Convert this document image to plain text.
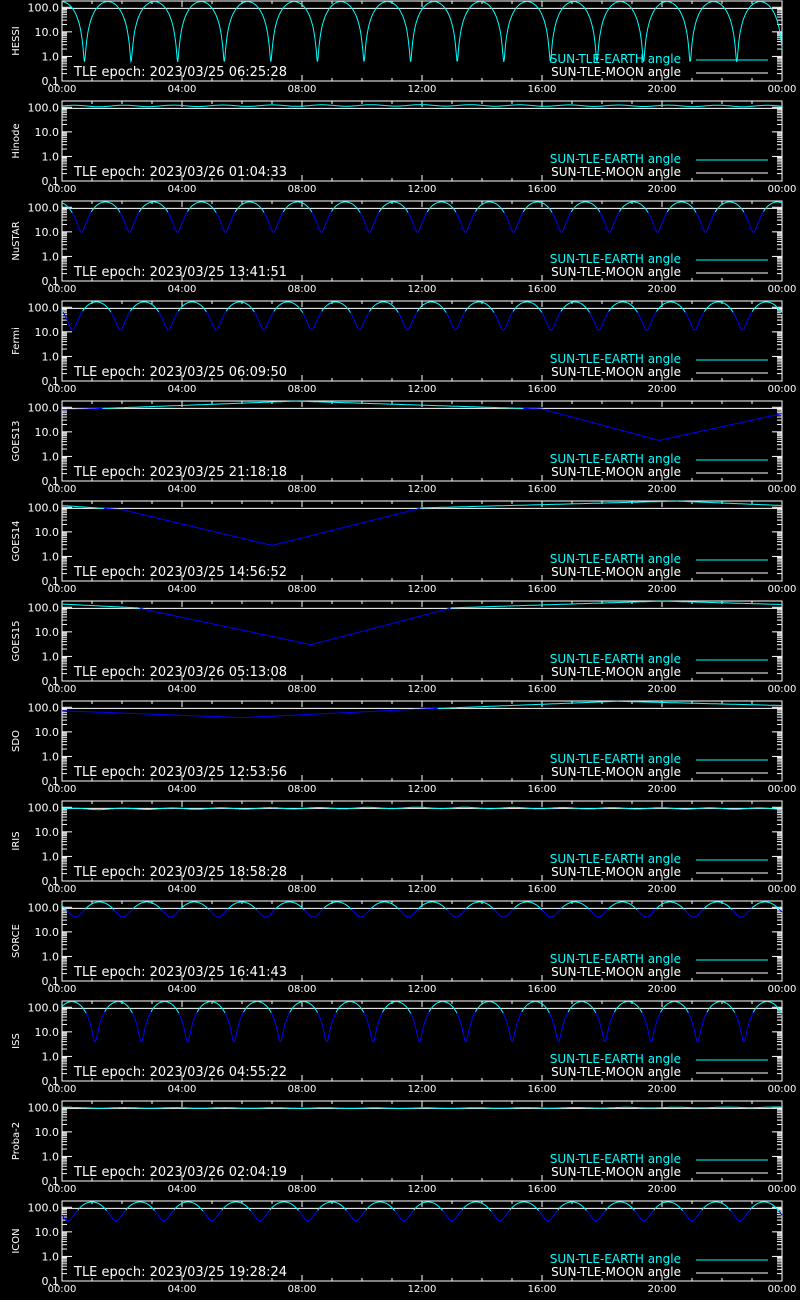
100.0
10.0
1.0
0.1
00:00	04:00	08:00	12:00	16:00	20:00	00:00
HESSI
TLE epoch: 2023/03/25 06:25:28
SUN-TLE-EARTH angle
SUN-TLE-MOON angle
100.0
10.0
1.0
0.1
00:00	04:00	08:00	12:00	16:00	20:00	00:00
Hinode
TLE epoch: 2023/03/26 01:04:33
SUN-TLE-EARTH angle
SUN-TLE-MOON angle
100.0
10.0
1.0
0.1
00:00	04:00	08:00	12:00	16:00	20:00	00:00
NuSTAR
TLE epoch: 2023/03/25 13:41:51
SUN-TLE-EARTH angle
SUN-TLE-MOON angle
100.0
10.0
1.0
0.1
00:00	04:00	08:00	12:00	16:00	20:00	00:00
Fermi
TLE epoch: 2023/03/25 06:09:50
SUN-TLE-EARTH angle
SUN-TLE-MOON angle
100.0
10.0
1.0
0.1
00:00	04:00	08:00	12:00	16:00	20:00	00:00
GOES13
TLE epoch: 2023/03/25 21:18:18
SUN-TLE-EARTH angle
SUN-TLE-MOON angle
100.0
10.0
1.0
0.1
00:00	04:00	08:00	12:00	16:00	20:00	00:00
GOES14
TLE epoch: 2023/03/25 14:56:52
SUN-TLE-EARTH angle
SUN-TLE-MOON angle
100.0
10.0
1.0
0.1
00:00	04:00	08:00	12:00	16:00	20:00	00:00
GOES15
TLE epoch: 2023/03/26 05:13:08
SUN-TLE-EARTH angle
SUN-TLE-MOON angle
100.0
10.0
1.0
0.1
00:00	04:00	08:00	12:00	16:00	20:00	00:00
SDO
TLE epoch: 2023/03/25 12:53:56
SUN-TLE-EARTH angle
SUN-TLE-MOON angle
100.0
10.0
1.0
0.1
00:00	04:00	08:00	12:00	16:00	20:00	00:00
IRIS
TLE epoch: 2023/03/25 18:58:28
SUN-TLE-EARTH angle
SUN-TLE-MOON angle
100.0
10.0
1.0
0.1
00:00	04:00	08:00	12:00	16:00	20:00	00:00
SORCE
TLE epoch: 2023/03/25 16:41:43
SUN-TLE-EARTH angle
SUN-TLE-MOON angle
100.0
10.0
1.0
0.1
00:00	04:00	08:00	12:00	16:00	20:00	00:00
ISS
TLE epoch: 2023/03/26 04:55:22
SUN-TLE-EARTH angle
SUN-TLE-MOON angle
100.0
10.0
1.0
0.1
00:00	04:00	08:00	12:00	16:00	20:00	00:00
Proba-2
TLE epoch: 2023/03/26 02:04:19
SUN-TLE-EARTH angle
SUN-TLE-MOON angle
100.0
10.0
1.0
0.1
00:00	04:00	08:00	12:00	16:00	20:00	00:00
ICON
TLE epoch: 2023/03/25 19:28:24
SUN-TLE-EARTH angle
SUN-TLE-MOON angle
